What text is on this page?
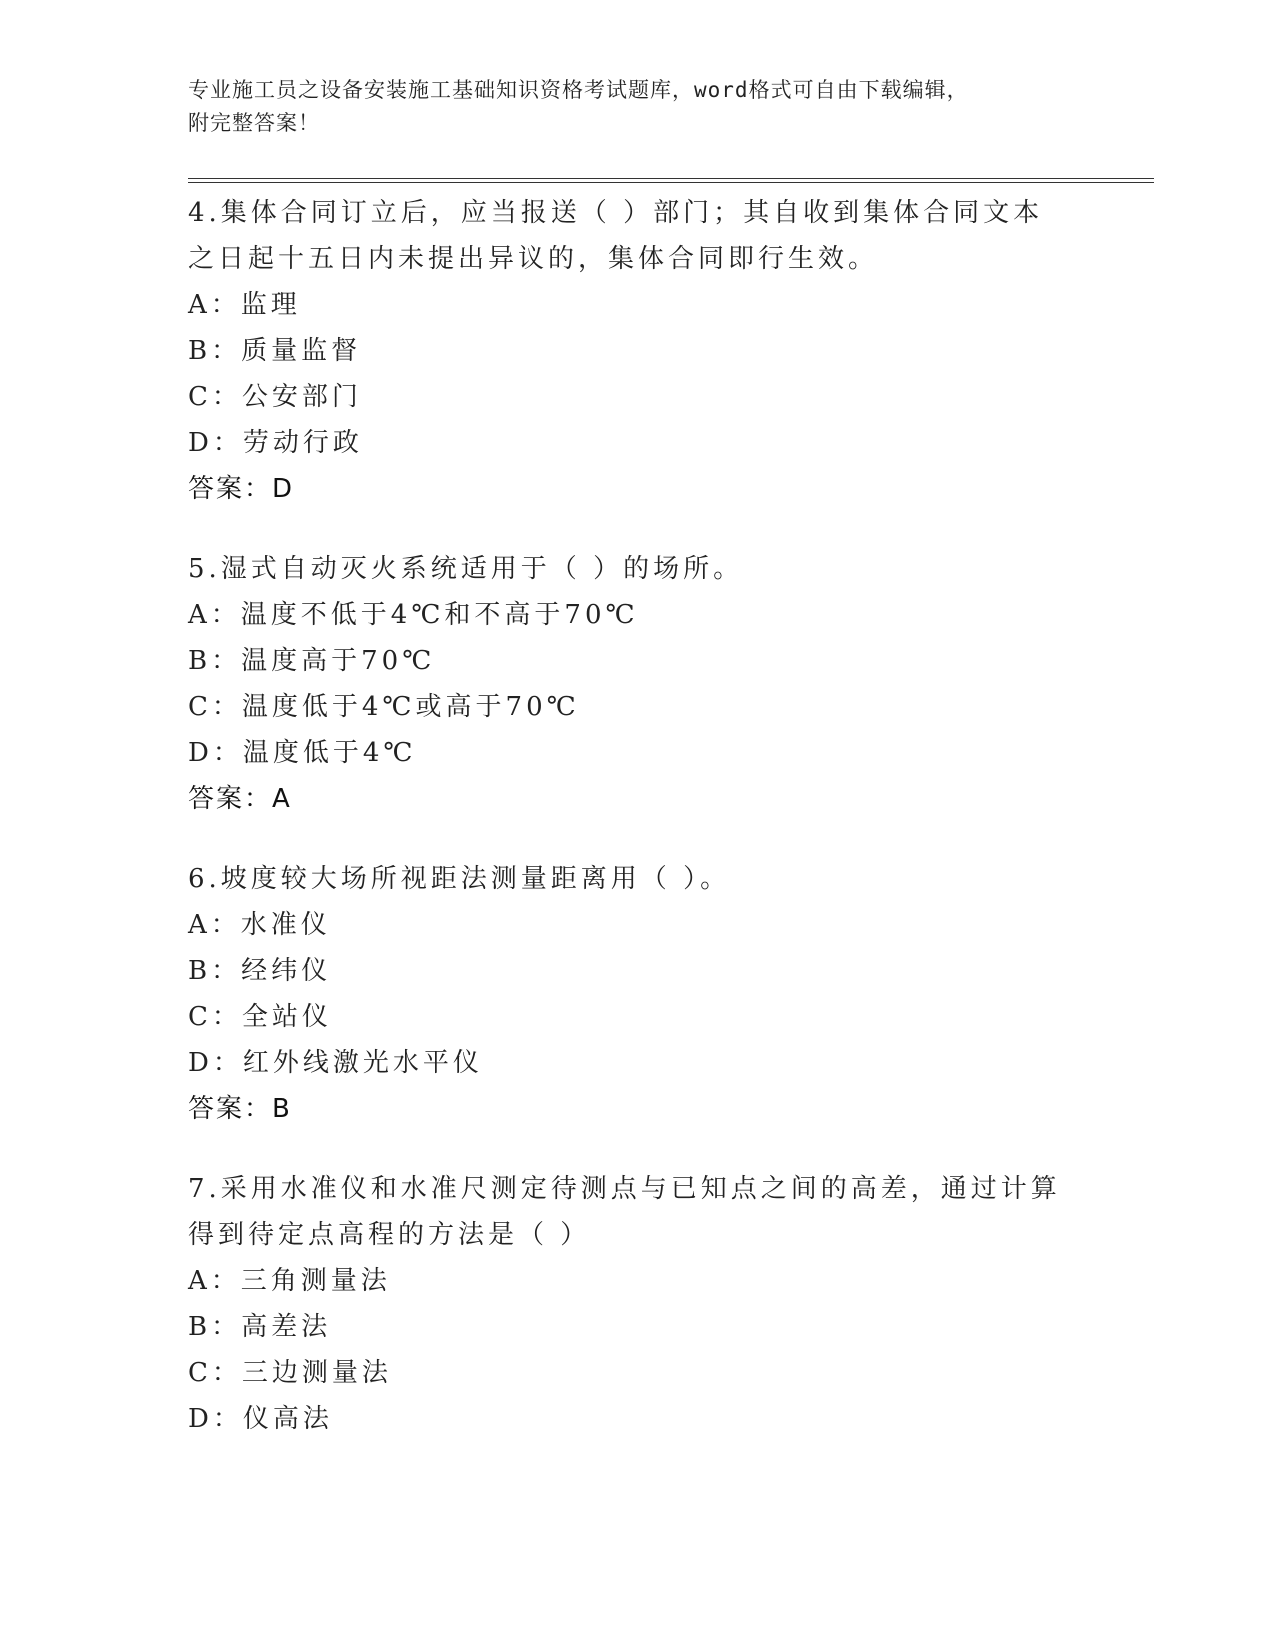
专业施工员之设备安装施工基础知识资格考试题库，word格式可自由下载编辑，
附完整答案！
4.集体合同订立后，应当报送（ ）部门；其自收到集体合同文本之日起十五日内未提出异议的，集体合同即行生效。
A：监理
B：质量监督
C：公安部门
D：劳动行政
答案：D
5.湿式自动灭火系统适用于（ ）的场所。
A：温度不低于4℃和不高于70℃
B：温度高于70℃
C：温度低于4℃或高于70℃
D：温度低于4℃
答案：A
6.坡度较大场所视距法测量距离用（ ）。
A：水准仪
B：经纬仪
C：全站仪
D：红外线激光水平仪
答案：B
7.采用水准仪和水准尺测定待测点与已知点之间的高差，通过计算得到待定点高程的方法是（ ）
A：三角测量法
B：高差法
C：三边测量法
D：仪高法
